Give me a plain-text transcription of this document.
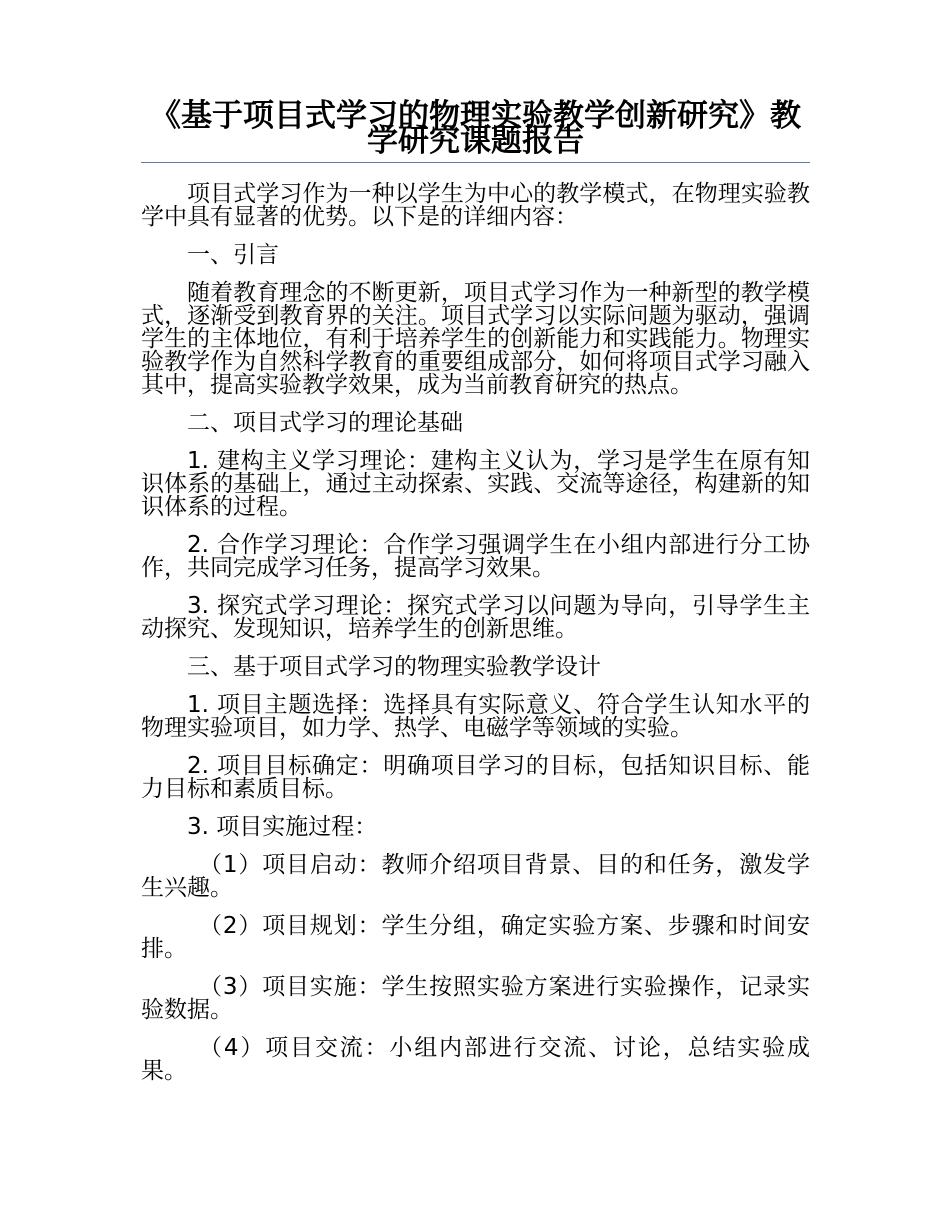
《基于项目式学习的物理实验教学创新研究》教学研究课题报告

项目式学习作为一种以学生为中心的教学模式，在物理实验教学中具有显著的优势。以下是的详细内容：

一、引言

随着教育理念的不断更新，项目式学习作为一种新型的教学模式，逐渐受到教育界的关注。项目式学习以实际问题为驱动，强调学生的主体地位，有利于培养学生的创新能力和实践能力。物理实验教学作为自然科学教育的重要组成部分，如何将项目式学习融入其中，提高实验教学效果，成为当前教育研究的热点。

二、项目式学习的理论基础

1. 建构主义学习理论：建构主义认为，学习是学生在原有知识体系的基础上，通过主动探索、实践、交流等途径，构建新的知识体系的过程。

2. 合作学习理论：合作学习强调学生在小组内部进行分工协作，共同完成学习任务，提高学习效果。

3. 探究式学习理论：探究式学习以问题为导向，引导学生主动探究、发现知识，培养学生的创新思维。

三、基于项目式学习的物理实验教学设计

1. 项目主题选择：选择具有实际意义、符合学生认知水平的物理实验项目，如力学、热学、电磁学等领域的实验。

2. 项目目标确定：明确项目学习的目标，包括知识目标、能力目标和素质目标。

3. 项目实施过程：

（1）项目启动：教师介绍项目背景、目的和任务，激发学生兴趣。

（2）项目规划：学生分组，确定实验方案、步骤和时间安排。

（3）项目实施：学生按照实验方案进行实验操作，记录实验数据。

（4）项目交流：小组内部进行交流、讨论，总结实验成果。
